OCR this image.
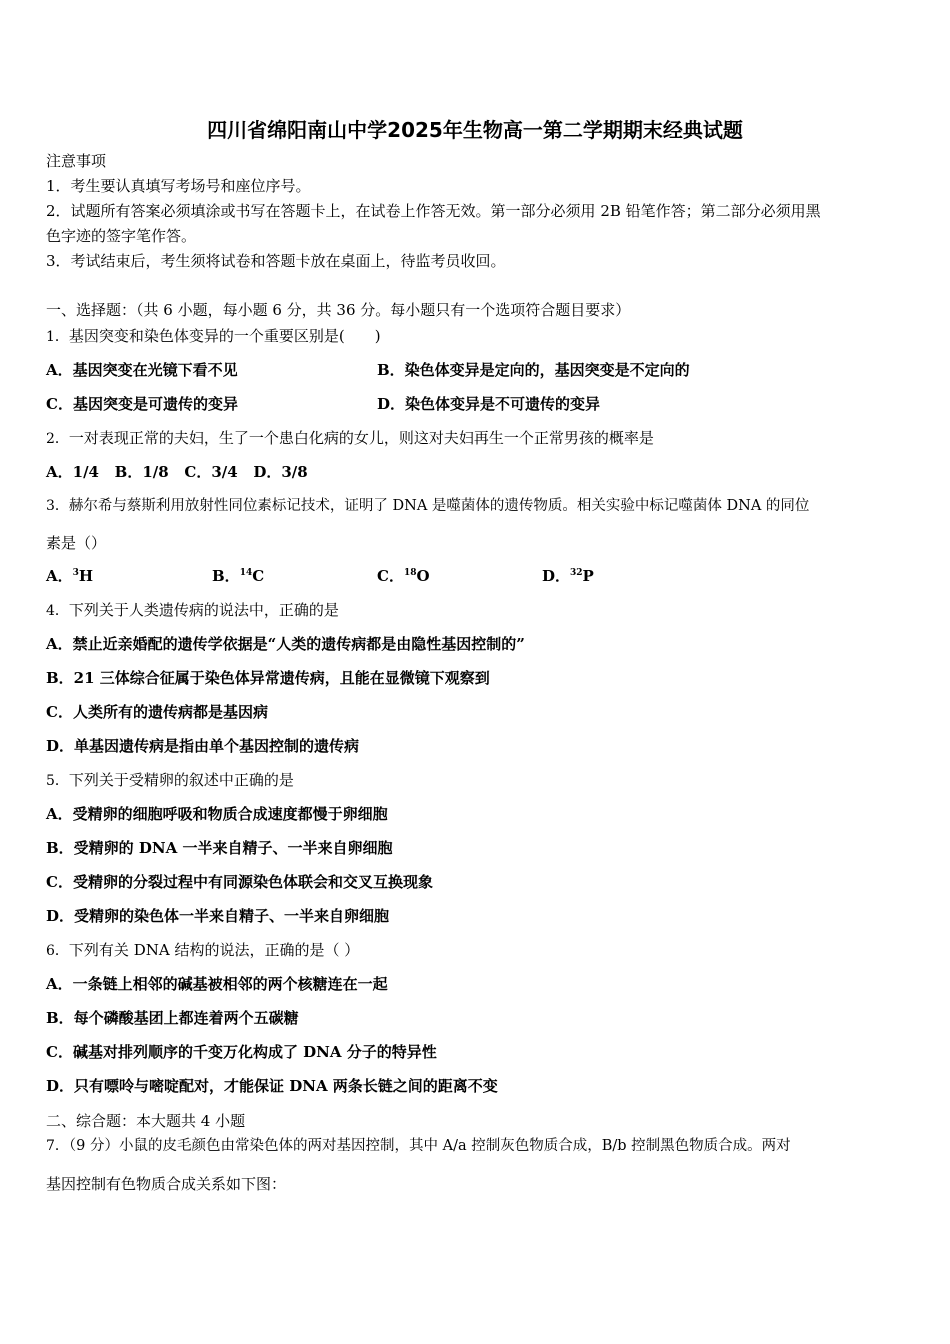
四川省绵阳南山中学2025年生物高一第二学期期末经典试题
注意事项
1．考生要认真填写考场号和座位序号。
2．试题所有答案必须填涂或书写在答题卡上，在试卷上作答无效。第一部分必须用 2B 铅笔作答；第二部分必须用黑
色字迹的签字笔作答。
3．考试结束后，考生须将试卷和答题卡放在桌面上，待监考员收回。
一、选择题：（共 6 小题，每小题 6 分，共 36 分。每小题只有一个选项符合题目要求）
1．基因突变和染色体变异的一个重要区别是(　　)
A．基因突变在光镜下看不见	B．染色体变异是定向的，基因突变是不定向的
C．基因突变是可遗传的变异	D．染色体变异是不可遗传的变异
2．一对表现正常的夫妇，生了一个患白化病的女儿，则这对夫妇再生一个正常男孩的概率是
A．1/4 B．1/8 C．3/4 D．3/8
3．赫尔希与蔡斯利用放射性同位素标记技术，证明了 DNA 是噬菌体的遗传物质。相关实验中标记噬菌体 DNA 的同位
素是（）
A．$^3$H	B．$^{14}$C	C．$^{18}$O	D．$^{32}$P
4．下列关于人类遗传病的说法中，正确的是
A．禁止近亲婚配的遗传学依据是“人类的遗传病都是由隐性基因控制的”
B．21 三体综合征属于染色体异常遗传病，且能在显微镜下观察到
C．人类所有的遗传病都是基因病
D．单基因遗传病是指由单个基因控制的遗传病
5．下列关于受精卵的叙述中正确的是
A．受精卵的细胞呼吸和物质合成速度都慢于卵细胞
B．受精卵的 DNA 一半来自精子、一半来自卵细胞
C．受精卵的分裂过程中有同源染色体联会和交叉互换现象
D．受精卵的染色体一半来自精子、一半来自卵细胞
6．下列有关 DNA 结构的说法，正确的是（ ）
A．一条链上相邻的碱基被相邻的两个核糖连在一起
B．每个磷酸基团上都连着两个五碳糖
C．碱基对排列顺序的千变万化构成了 DNA 分子的特异性
D．只有嘌呤与嘧啶配对，才能保证 DNA 两条长链之间的距离不变
二、综合题：本大题共 4 小题
7．（9 分）小鼠的皮毛颜色由常染色体的两对基因控制，其中 A/a 控制灰色物质合成，B/b 控制黑色物质合成。两对
基因控制有色物质合成关系如下图：
